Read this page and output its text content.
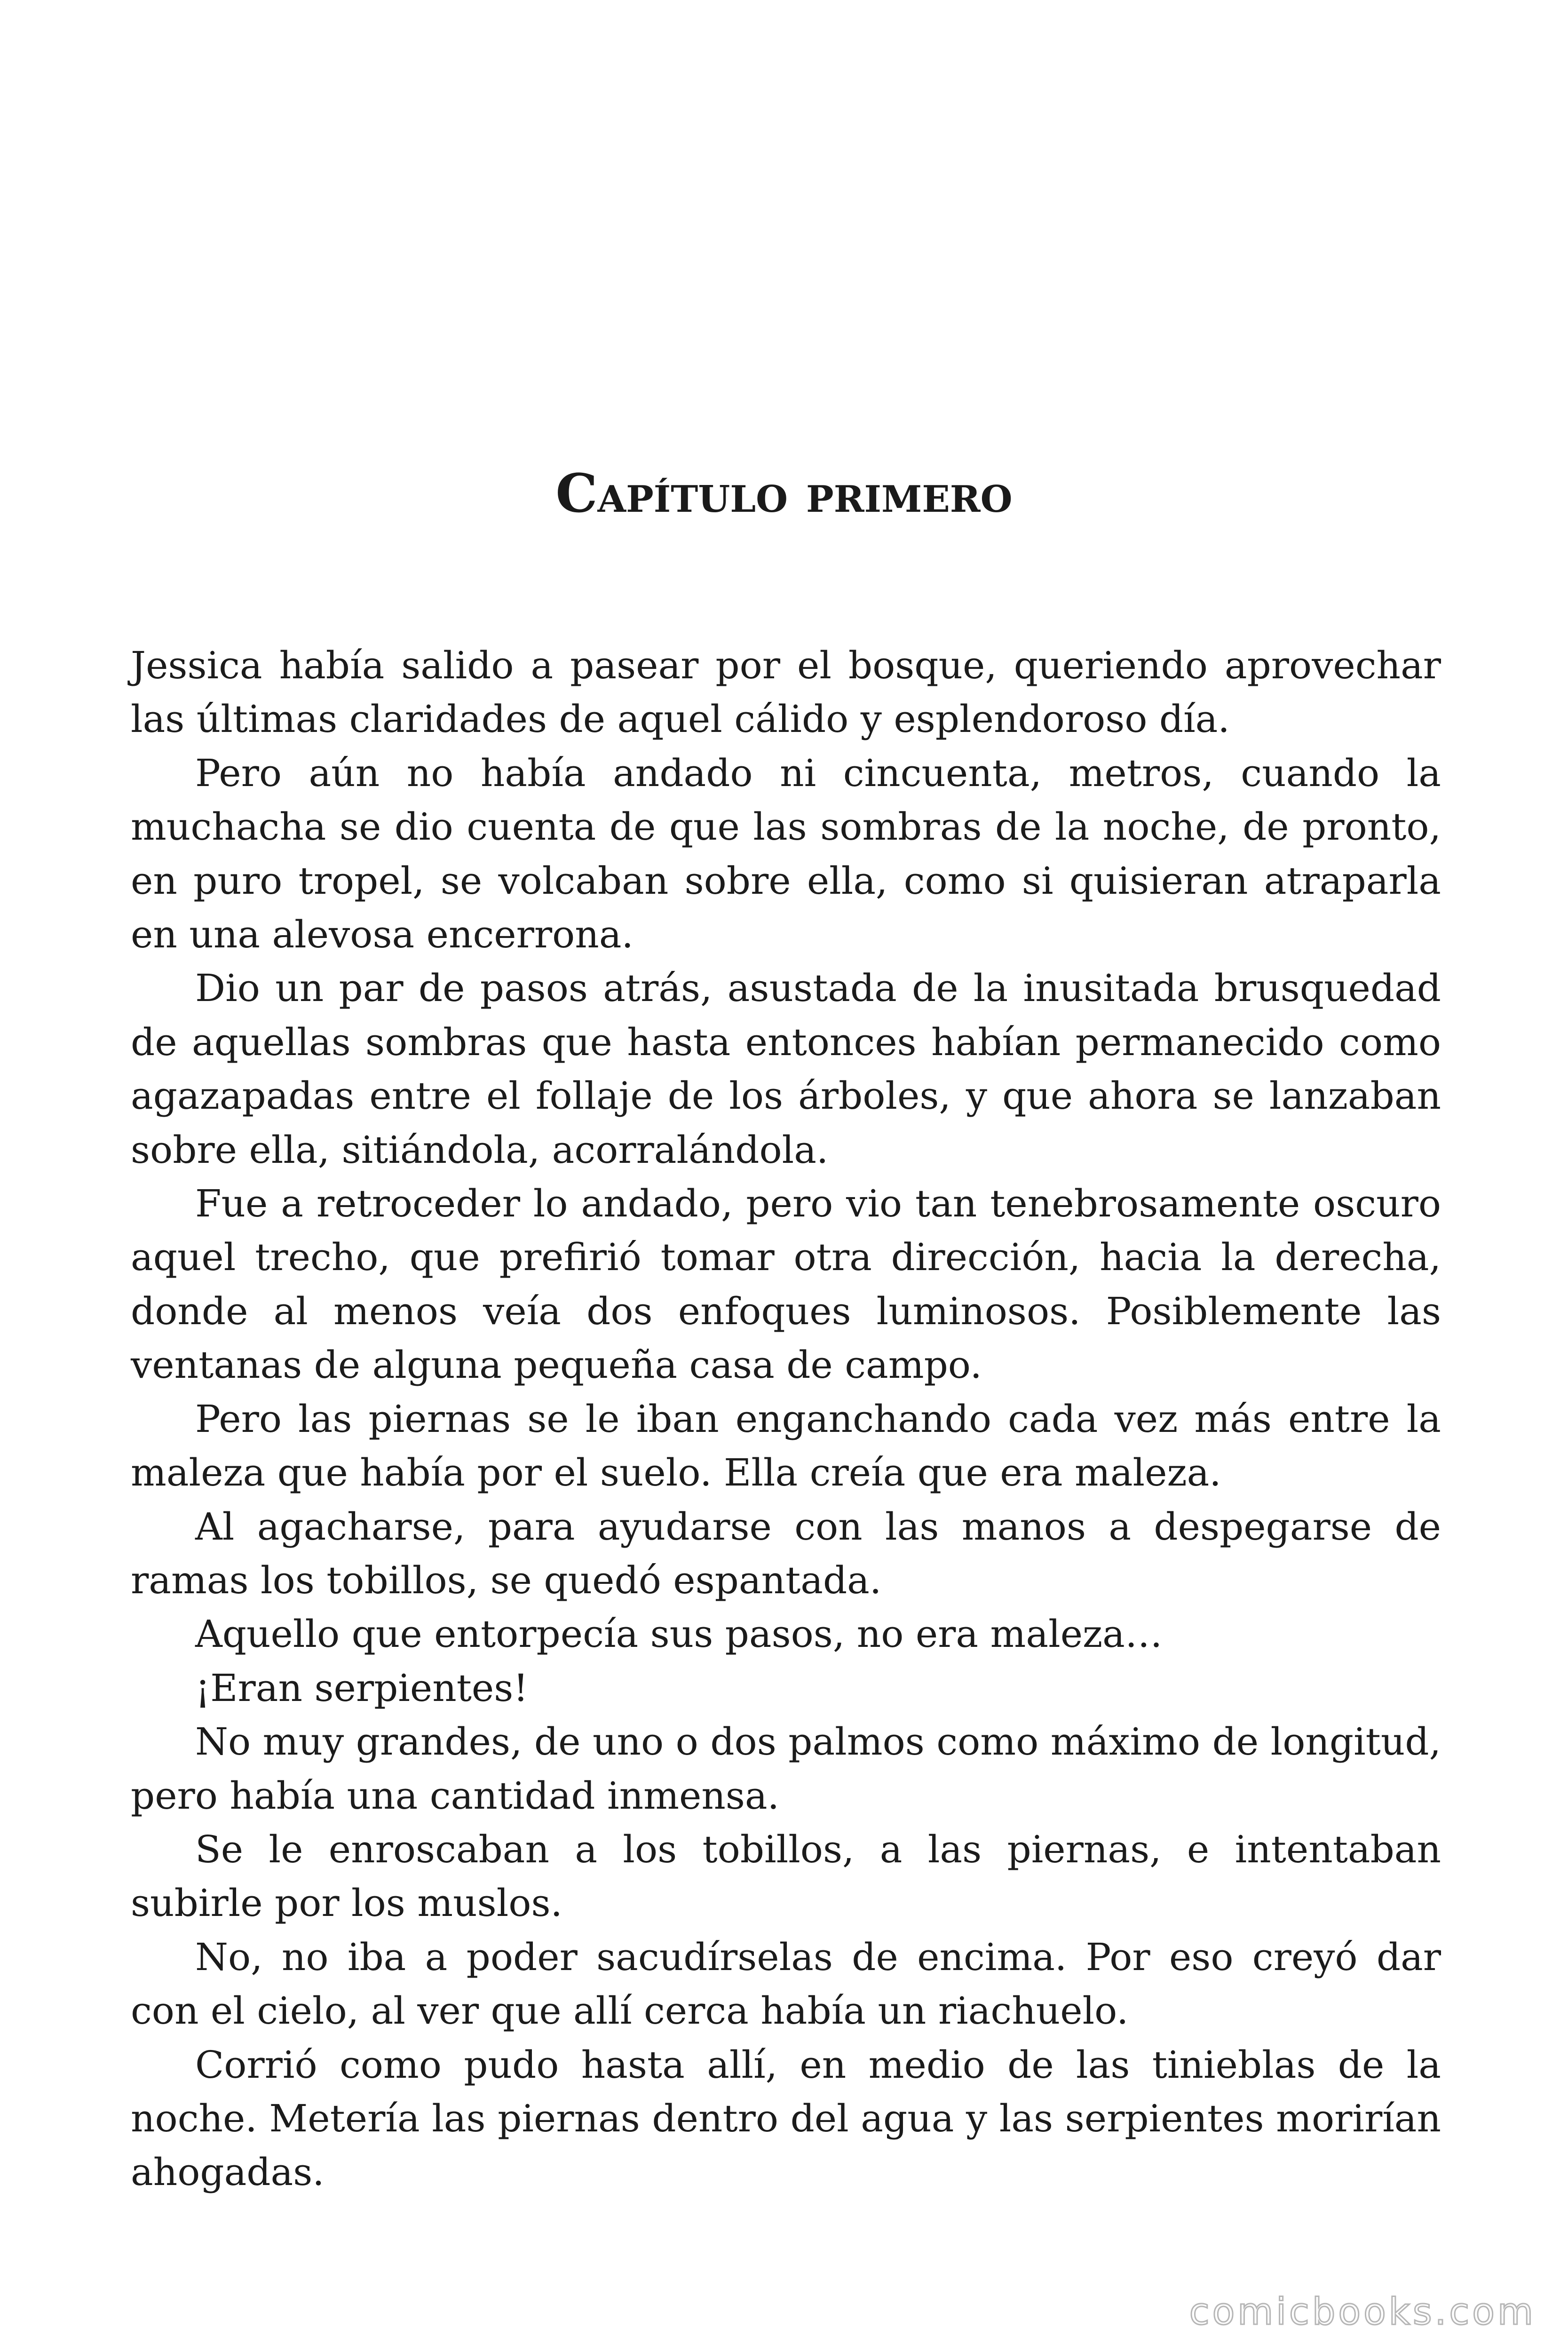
Capítulo primero

Jessica había salido a pasear por el bosque, queriendo aprovechar las últimas claridades de aquel cálido y esplendoroso día.

Pero aún no había andado ni cincuenta, metros, cuando la muchacha se dio cuenta de que las sombras de la noche, de pronto, en puro tropel, se volcaban sobre ella, como si quisieran atraparla en una alevosa encerrona.

Dio un par de pasos atrás, asustada de la inusitada brusquedad de aquellas sombras que hasta entonces habían permanecido como agazapadas entre el follaje de los árboles, y que ahora se lanzaban sobre ella, sitiándola, acorralándola.

Fue a retroceder lo andado, pero vio tan tenebrosamente oscuro aquel trecho, que prefirió tomar otra dirección, hacia la derecha, donde al menos veía dos enfoques luminosos. Posiblemente las ventanas de alguna pequeña casa de campo.

Pero las piernas se le iban enganchando cada vez más entre la maleza que había por el suelo. Ella creía que era maleza.

Al agacharse, para ayudarse con las manos a despegarse de ramas los tobillos, se quedó espantada.

Aquello que entorpecía sus pasos, no era maleza…

¡Eran serpientes!

No muy grandes, de uno o dos palmos como máximo de longitud, pero había una cantidad inmensa.

Se le enroscaban a los tobillos, a las piernas, e intentaban subirle por los muslos.

No, no iba a poder sacudírselas de encima. Por eso creyó dar con el cielo, al ver que allí cerca había un riachuelo.

Corrió como pudo hasta allí, en medio de las tinieblas de la noche. Metería las piernas dentro del agua y las serpientes morirían ahogadas.

comicbooks.com
